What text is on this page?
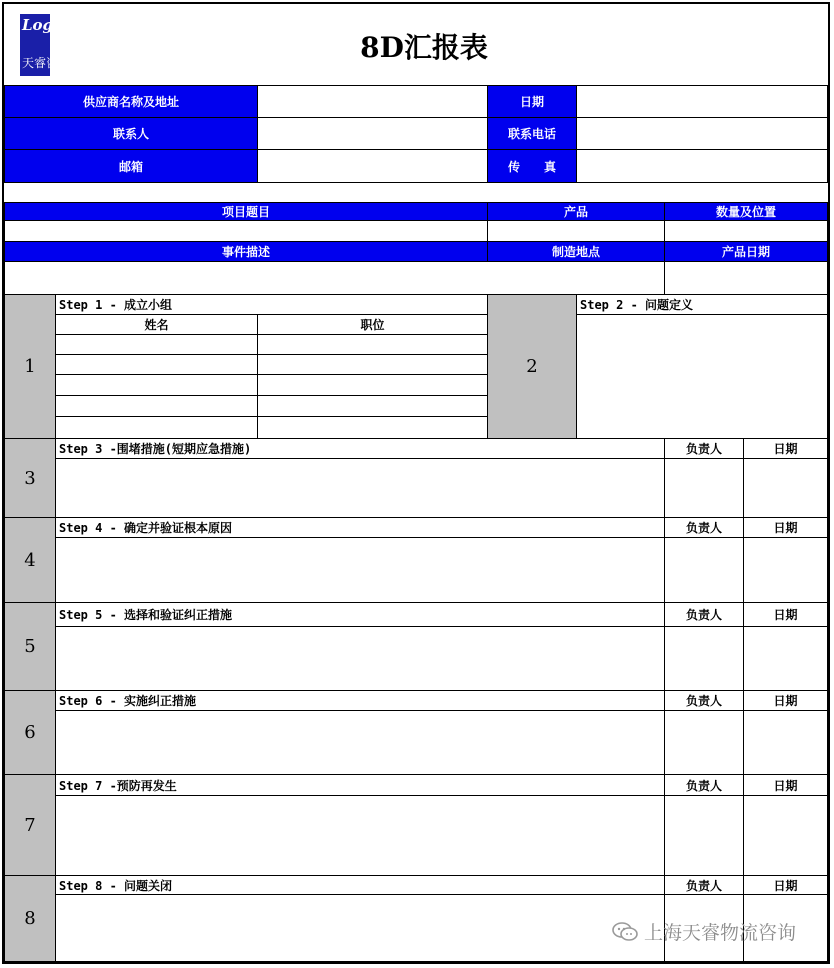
Logiwis
天睿咨询	8D汇报表
供应商名称及地址	日期
联系人	联系电话
邮箱	传　　真
项目题目	产品	数量及位置
事件描述	制造地点	产品日期
1
Step 1 - 成立小组
姓名	职位
2
Step 2 - 问题定义
3
Step 3 -围堵措施(短期应急措施)	负责人	日期
4
Step 4 - 确定并验证根本原因	负责人	日期
5
Step 5 - 选择和验证纠正措施	负责人	日期
6
Step 6 - 实施纠正措施	负责人	日期
7
Step 7 -预防再发生	负责人	日期
8
Step 8 - 问题关闭	负责人	日期
上海天睿物流咨询
